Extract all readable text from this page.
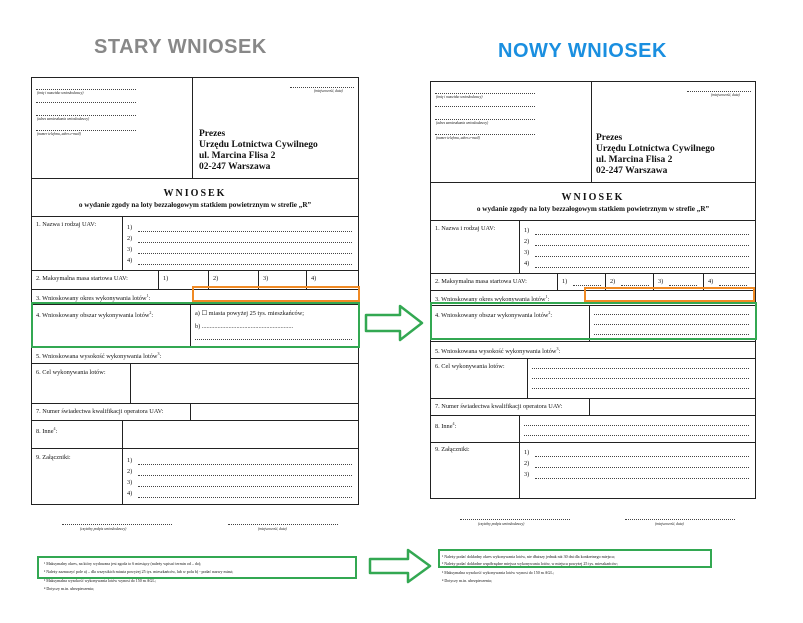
STARY WNIOSEK	NOWY WNIOSEK
(imię i nazwisko wnioskodawcy)
(adres zamieszkania wnioskodawcy)
(numer telefonu, adres e-mail)
(miejscowość, data)
Prezes
Urzędu Lotnictwa Cywilnego
ul. Marcina Flisa 2
02-247 Warszawa
WNIOSEK
o wydanie zgody na loty bezzałogowym statkiem powietrznym w strefie „R”
1. Nazwa i rodzaj UAV:	1)
2)
3)
4)
2. Maksymalna masa startowa UAV:	1)	2)	3)	4)
3. Wnioskowany okres wykonywania lotów$^1$:
4. Wnioskowany obszar wykonywania lotów$^2$:	a) ☐ miasta powyżej 25 tys. mieszkańców;
b) ..........................................................
5. Wnioskowana wysokość wykonywania lotów$^3$:
6. Cel wykonywania lotów:
7. Numer świadectwa kwalifikacji operatora UAV:
8. Inne$^4$:
9. Załączniki:	1)
2)
3)
4)
(czytelny podpis wnioskodawcy)	(miejscowość, data)
¹ Maksymalny okres, na który wydawana jest zgoda to 6 miesięcy (należy wpisać termin od – do);
² Należy zaznaczyć pole a) – dla wszystkich miasta powyżej 25 tys. mieszkańców, lub w polu b) - podać nazwy miast;
³ Maksymalna wysokość wykonywania lotów wynosi do 150 m AGL;
⁴ Dotyczy m.in. ubezpieczenia;
(imię i nazwisko wnioskodawcy)
(adres zamieszkania wnioskodawcy)
(numer telefonu, adres e-mail)
(miejscowość, data)
Prezes
Urzędu Lotnictwa Cywilnego
ul. Marcina Flisa 2
02-247 Warszawa
WNIOSEK
o wydanie zgody na loty bezzałogowym statkiem powietrznym w strefie „R”
1. Nazwa i rodzaj UAV:	1)
2)
3)
4)
2. Maksymalna masa startowa UAV:	1)	2)	3)	4)
3. Wnioskowany okres wykonywania lotów$^1$:
4. Wnioskowany obszar wykonywania lotów$^2$:
5. Wnioskowana wysokość wykonywania lotów$^3$:
6. Cel wykonywania lotów:
7. Numer świadectwa kwalifikacji operatora UAV:
8. Inne$^4$:
9. Załączniki:	1)
2)
3)
(czytelny podpis wnioskodawcy)	(miejscowość, data)
¹ Należy podać dokładny okres wykonywania lotów, nie dłuższy jednak niż 30 dni dla konkretnego miejsca;
² Należy podać dokładne współrzędne miejsca wykonywania lotów, w miejscu powyżej 25 tys. mieszkańców;
³ Maksymalna wysokość wykonywania lotów wynosi do 150 m AGL;
⁴ Dotyczy m.in. ubezpieczenia;
